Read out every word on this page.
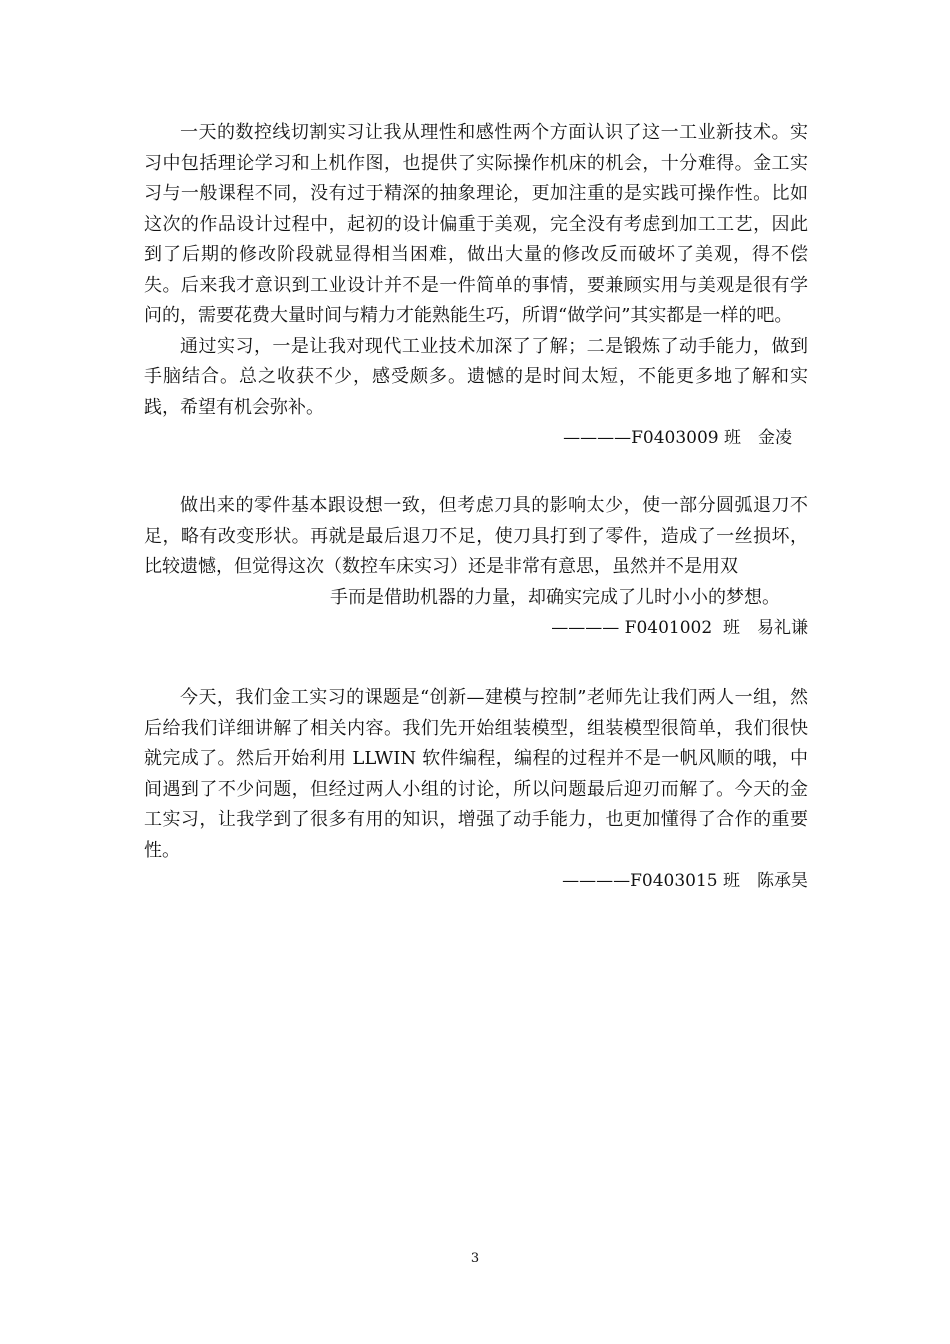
一天的数控线切割实习让我从理性和感性两个方面认识了这一工业新技术。实习中包括理论学习和上机作图，也提供了实际操作机床的机会，十分难得。金工实习与一般课程不同，没有过于精深的抽象理论，更加注重的是实践可操作性。比如这次的作品设计过程中，起初的设计偏重于美观，完全没有考虑到加工工艺，因此到了后期的修改阶段就显得相当困难，做出大量的修改反而破坏了美观，得不偿失。后来我才意识到工业设计并不是一件简单的事情，要兼顾实用与美观是很有学问的，需要花费大量时间与精力才能熟能生巧，所谓“做学问”其实都是一样的吧。

通过实习，一是让我对现代工业技术加深了了解；二是锻炼了动手能力，做到手脑结合。总之收获不少，感受颇多。遗憾的是时间太短，不能更多地了解和实践，希望有机会弥补。

————F0403009 班　金凌

做出来的零件基本跟设想一致，但考虑刀具的影响太少，使一部分圆弧退刀不足，略有改变形状。再就是最后退刀不足，使刀具打到了零件，造成了一丝损坏，比较遗憾，但觉得这次（数控车床实习）还是非常有意思，虽然并不是用双
手而是借助机器的力量，却确实完成了儿时小小的梦想。

———— F0401002  班　易礼谦

今天，我们金工实习的课题是“创新—建模与控制”老师先让我们两人一组，然后给我们详细讲解了相关内容。我们先开始组装模型，组装模型很简单，我们很快就完成了。然后开始利用 LLWIN 软件编程，编程的过程并不是一帆风顺的哦，中间遇到了不少问题，但经过两人小组的讨论，所以问题最后迎刃而解了。今天的金工实习，让我学到了很多有用的知识，增强了动手能力，也更加懂得了合作的重要性。

————F0403015 班　陈承昊

3
